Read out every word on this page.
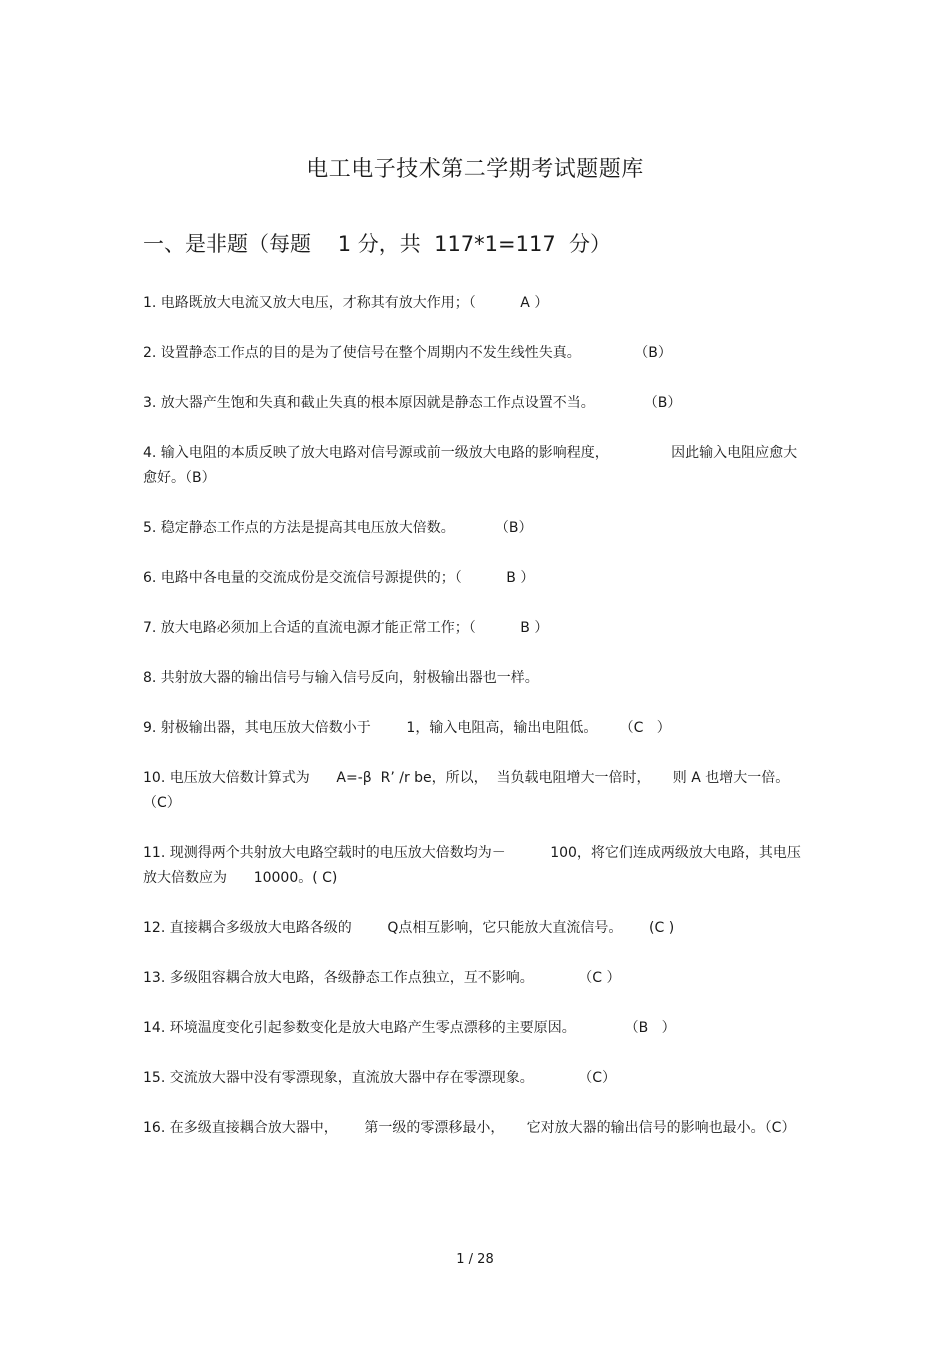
电工电子技术第二学期考试题题库
一、是非题（每题    1 分，共  117*1=117  分）
1. 电路既放大电流又放大电压，才称其有放大作用；（          A ）
2. 设置静态工作点的目的是为了使信号在整个周期内不发生线性失真。            （B）
3. 放大器产生饱和失真和截止失真的根本原因就是静态工作点设置不当。           （B）
4. 输入电阻的本质反映了放大电路对信号源或前一级放大电路的影响程度，              因此输入电阻应愈大愈好。（B）
5. 稳定静态工作点的方法是提高其电压放大倍数。         （B）
6. 电路中各电量的交流成份是交流信号源提供的；（          B ）
7. 放大电路必须加上合适的直流电源才能正常工作；（          B ）
8. 共射放大器的输出信号与输入信号反向，射极输出器也一样。
9. 射极输出器，其电压放大倍数小于        1，输入电阻高，输出电阻低。     （C   ）
10. 电压放大倍数计算式为      A=-β  R’ /r be，所以，  当负载电阻增大一倍时，     则 A 也增大一倍。（C）
11. 现测得两个共射放大电路空载时的电压放大倍数均为－          100，将它们连成两级放大电路，其电压放大倍数应为      10000。( C)
12. 直接耦合多级放大电路各级的        Q点相互影响，它只能放大直流信号。      (C )
13. 多级阻容耦合放大电路，各级静态工作点独立，互不影响。          （C ）
14. 环境温度变化引起参数变化是放大电路产生零点漂移的主要原因。           （B   ）
15. 交流放大器中没有零漂现象，直流放大器中存在零漂现象。          （C）
16. 在多级直接耦合放大器中，      第一级的零漂移最小，     它对放大器的输出信号的影响也最小。（C）
1 / 28
